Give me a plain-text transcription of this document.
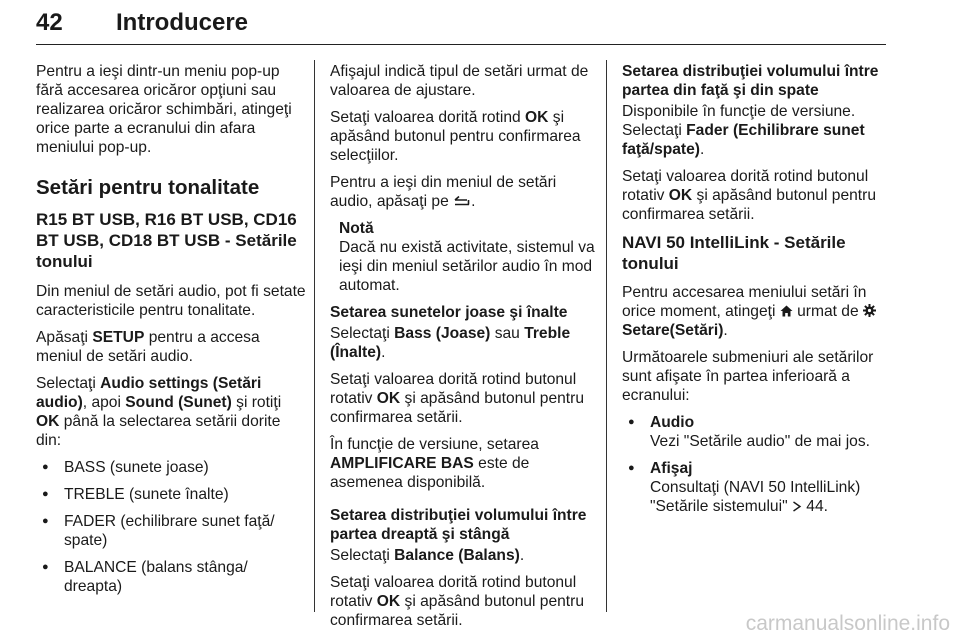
42 Introducere

Pentru a ieşi dintr-un meniu pop-up fără accesarea oricăror opţiuni sau realizarea oricăror schimbări, atingeţi orice parte a ecranului din afara meniului pop-up.

Setări pentru tonalitate
R15 BT USB, R16 BT USB, CD16 BT USB, CD18 BT USB - Setările tonului

Din meniul de setări audio, pot fi setate caracteristicile pentru tonalitate.

Apăsaţi SETUP pentru a accesa meniul de setări audio.

Selectaţi Audio settings (Setări audio), apoi Sound (Sunet) şi rotiţi OK până la selectarea setării dorite din:

● BASS (sunete joase)
● TREBLE (sunete înalte)
● FADER (echilibrare sunet faţă/ spate)
● BALANCE (balans stânga/ dreapta)

Afişajul indică tipul de setări urmat de valoarea de ajustare.

Setaţi valoarea dorită rotind OK şi apăsând butonul pentru confirmarea selecţiilor.

Pentru a ieşi din meniul de setări audio, apăsaţi pe .

Notă
Dacă nu există activitate, sistemul va ieşi din meniul setărilor audio în mod automat.
Setarea sunetelor joase şi înalte

Selectaţi Bass (Joase) sau Treble (Înalte).

Setaţi valoarea dorită rotind butonul rotativ OK şi apăsând butonul pentru confirmarea setării.

În funcţie de versiune, setarea AMPLIFICARE BAS este de asemenea disponibilă.

Setarea distribuţiei volumului între partea dreaptă şi stângă

Selectaţi Balance (Balans).

Setaţi valoarea dorită rotind butonul rotativ OK şi apăsând butonul pentru confirmarea setării.

Setarea distribuţiei volumului între partea din faţă şi din spate

Disponibile în funcţie de versiune.

Selectaţi Fader (Echilibrare sunet faţă/spate).

Setaţi valoarea dorită rotind butonul rotativ OK şi apăsând butonul pentru confirmarea setării.

NAVI 50 IntelliLink - Setările tonului

Pentru accesarea meniului setări în orice moment, atingeţi  urmat de Setare(Setări).

Următoarele submeniuri ale setărilor sunt afişate în partea inferioară a ecranului:

● Audio
Vezi "Setările audio" de mai jos.
● Afişaj
Consultaţi (NAVI 50 IntelliLink) "Setările sistemului" 44.
carmanualsonline.info
